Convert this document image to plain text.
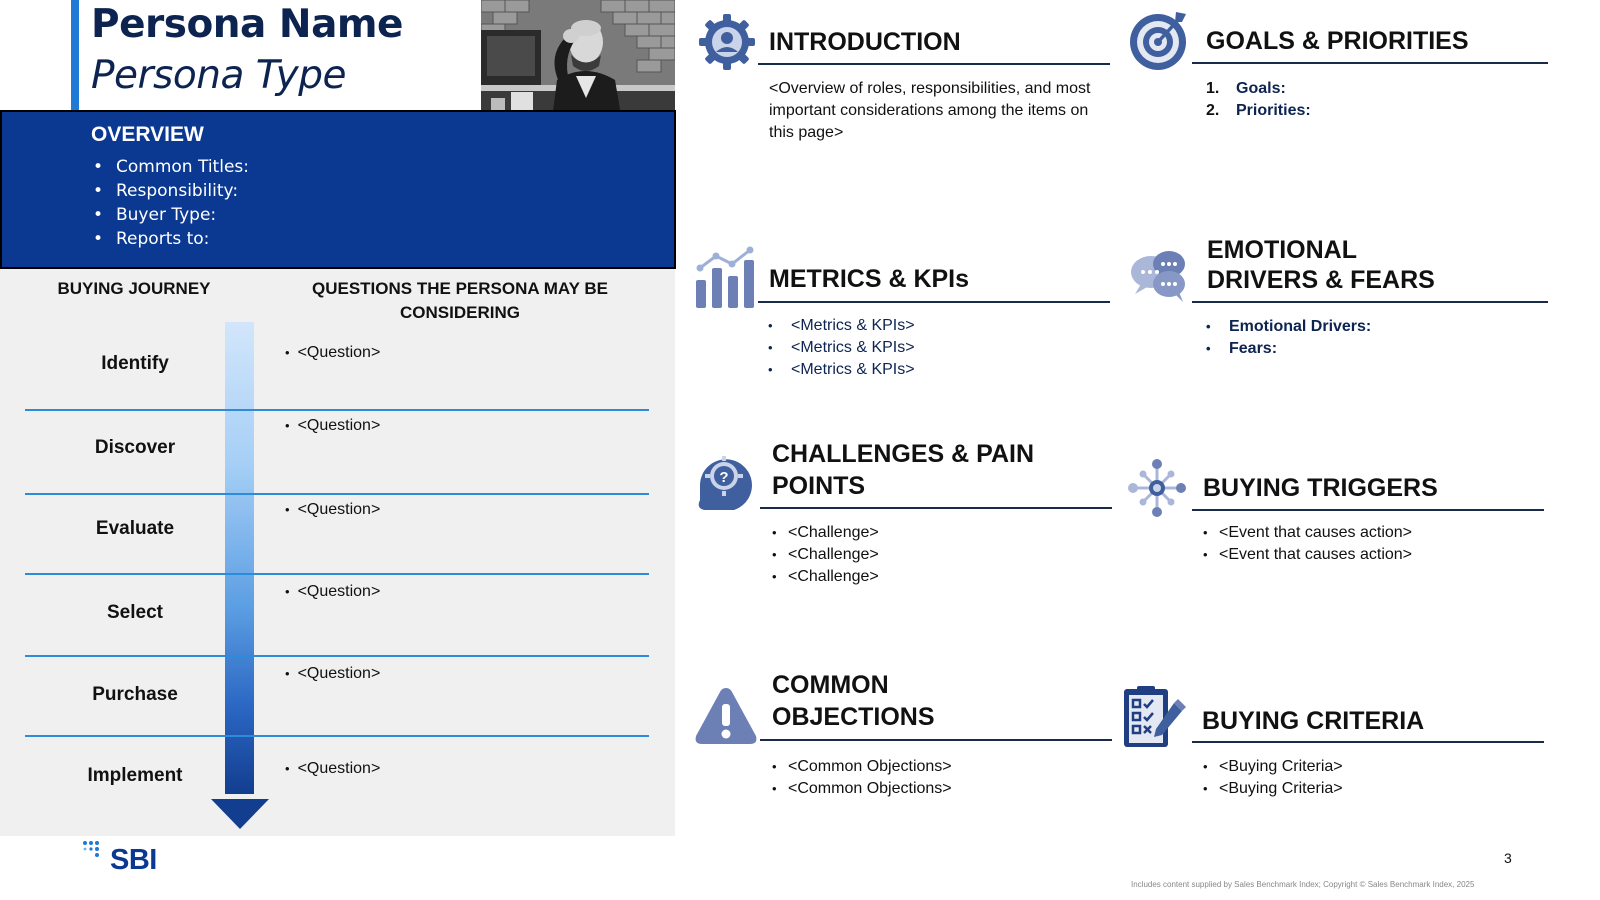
Persona Name
Persona Type
OVERVIEW
• Common Titles:
• Responsibility:
• Buyer Type:
• Reports to:
BUYING JOURNEY	QUESTIONS THE PERSONA MAY BE CONSIDERING
Identify
Discover
Evaluate
Select
Purchase
Implement
• <Question>
• <Question>
• <Question>
• <Question>
• <Question>
• <Question>
SBI
INTRODUCTION
<Overview of roles, responsibilities, and most important considerations among the items on this page>
GOALS & PRIORITIES
1. Goals:
2. Priorities:
METRICS & KPIs
• <Metrics & KPIs>
• <Metrics & KPIs>
• <Metrics & KPIs>
EMOTIONAL
DRIVERS & FEARS
• Emotional Drivers:
• Fears:
?
CHALLENGES & PAIN
POINTS
• <Challenge>
• <Challenge>
• <Challenge>
BUYING TRIGGERS
• <Event that causes action>
• <Event that causes action>
COMMON
OBJECTIONS
• <Common Objections>
• <Common Objections>
BUYING CRITERIA
• <Buying Criteria>
• <Buying Criteria>
3
Includes content supplied by Sales Benchmark Index; Copyright © Sales Benchmark Index, 2025
